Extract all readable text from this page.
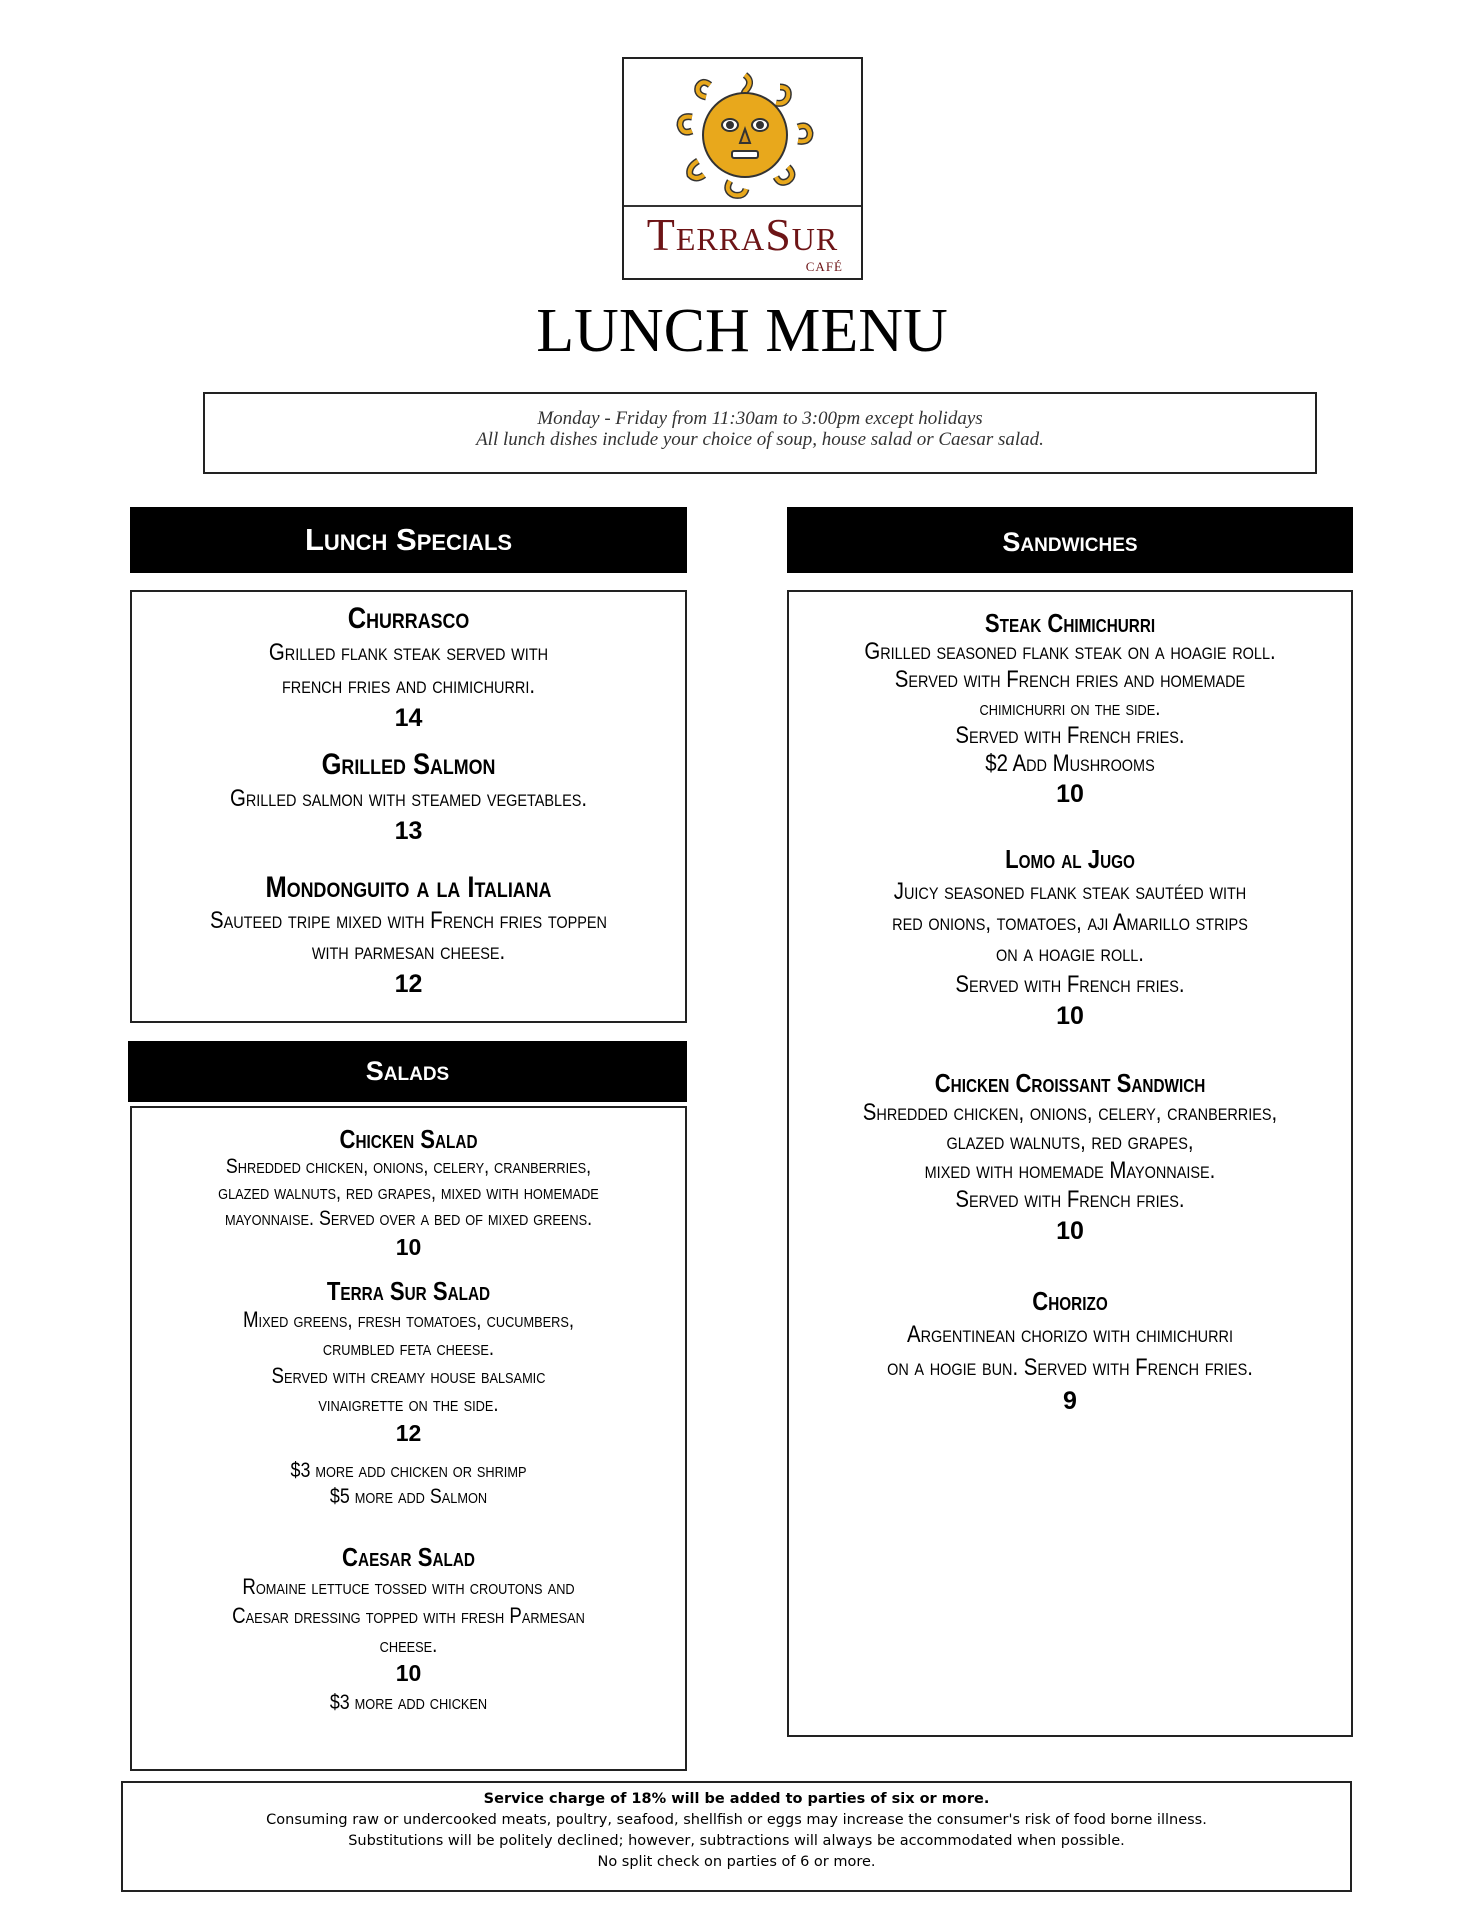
TerraSur
CAFÉ
LUNCH MENU
Monday - Friday from 11:30am to 3:00pm except holidays
All lunch dishes include your choice of soup, house salad or Caesar salad.
Lunch Specials
Churrasco
Grilled flank steak served with
french fries and chimichurri.
14
Grilled Salmon
Grilled salmon with steamed vegetables.
13
Mondonguito a la Italiana
Sauteed tripe mixed with French fries toppen
with parmesan cheese.
12
Salads
Chicken Salad
Shredded chicken, onions, celery, cranberries,
glazed walnuts, red grapes, mixed with homemade
mayonnaise. Served over a bed of mixed greens.
10
Terra Sur Salad
Mixed greens, fresh tomatoes, cucumbers,
crumbled feta cheese.
Served with creamy house balsamic
vinaigrette on the side.
12
$3 more add chicken or shrimp
$5 more add Salmon
Caesar Salad
Romaine lettuce tossed with croutons and
Caesar dressing topped with fresh Parmesan
cheese.
10
$3 more add chicken
Sandwiches
Steak Chimichurri
Grilled seasoned flank steak on a hoagie roll.
Served with French fries and homemade
chimichurri on the side.
Served with French fries.
$2 Add Mushrooms
10
Lomo al Jugo
Juicy seasoned flank steak sautéed with
red onions, tomatoes, aji Amarillo strips
on a hoagie roll.
Served with French fries.
10
Chicken Croissant Sandwich
Shredded chicken, onions, celery, cranberries,
glazed walnuts, red grapes,
mixed with homemade Mayonnaise.
Served with French fries.
10
Chorizo
Argentinean chorizo with chimichurri
on a hogie bun. Served with French fries.
9
Service charge of 18% will be added to parties of six or more.
Consuming raw or undercooked meats, poultry, seafood, shellfish or eggs may increase the consumer's risk of food borne illness.
Substitutions will be politely declined; however, subtractions will always be accommodated when possible.
No split check on parties of 6 or more.
